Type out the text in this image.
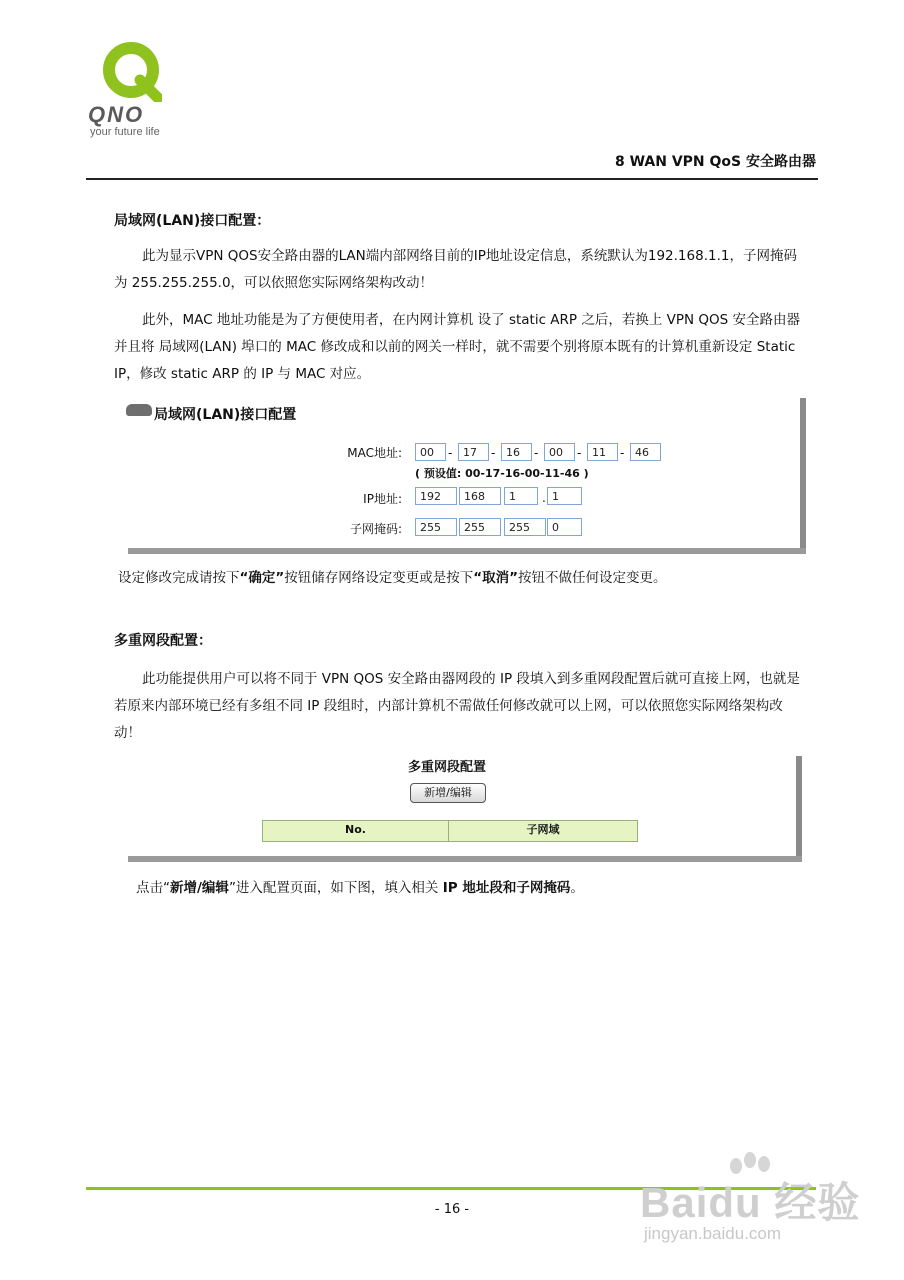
QNO
your future life
8 WAN VPN QoS 安全路由器
局域网(LAN)接口配置：

此为显示VPN QOS安全路由器的LAN端内部网络目前的IP地址设定信息，系统默认为192.168.1.1，子网掩码为 255.255.255.0，可以依照您实际网络架构改动！

此外，MAC 地址功能是为了方便使用者，在内网计算机 设了 static ARP 之后，若换上 VPN QOS 安全路由器 并且将 局域网(LAN) 埠口的 MAC 修改成和以前的网关一样时，就不需要个别将原本既有的计算机重新设定 Static IP，修改 static ARP 的 IP 与 MAC 对应。

局域网(LAN)接口配置
MAC地址:	00	- 17	- 16	- 00	- 11	- 46
( 预设值: 00-17-16-00-11-46 )
IP地址:	192	168	1	. 1
子网掩码:	255	255	255	0
设定修改完成请按下“确定”按钮储存网络设定变更或是按下“取消”按钮不做任何设定变更。
多重网段配置：

此功能提供用户可以将不同于 VPN QOS 安全路由器网段的 IP 段填入到多重网段配置后就可直接上网，也就是若原来内部环境已经有多组不同 IP 段组时，内部计算机不需做任何修改就可以上网，可以依照您实际网络架构改动！

多重网段配置
新增/编辑
No.	子网域
点击“新增/编辑”进入配置页面，如下图，填入相关 IP 地址段和子网掩码。
- 16 -	Baidu 经验
jingyan.baidu.com
